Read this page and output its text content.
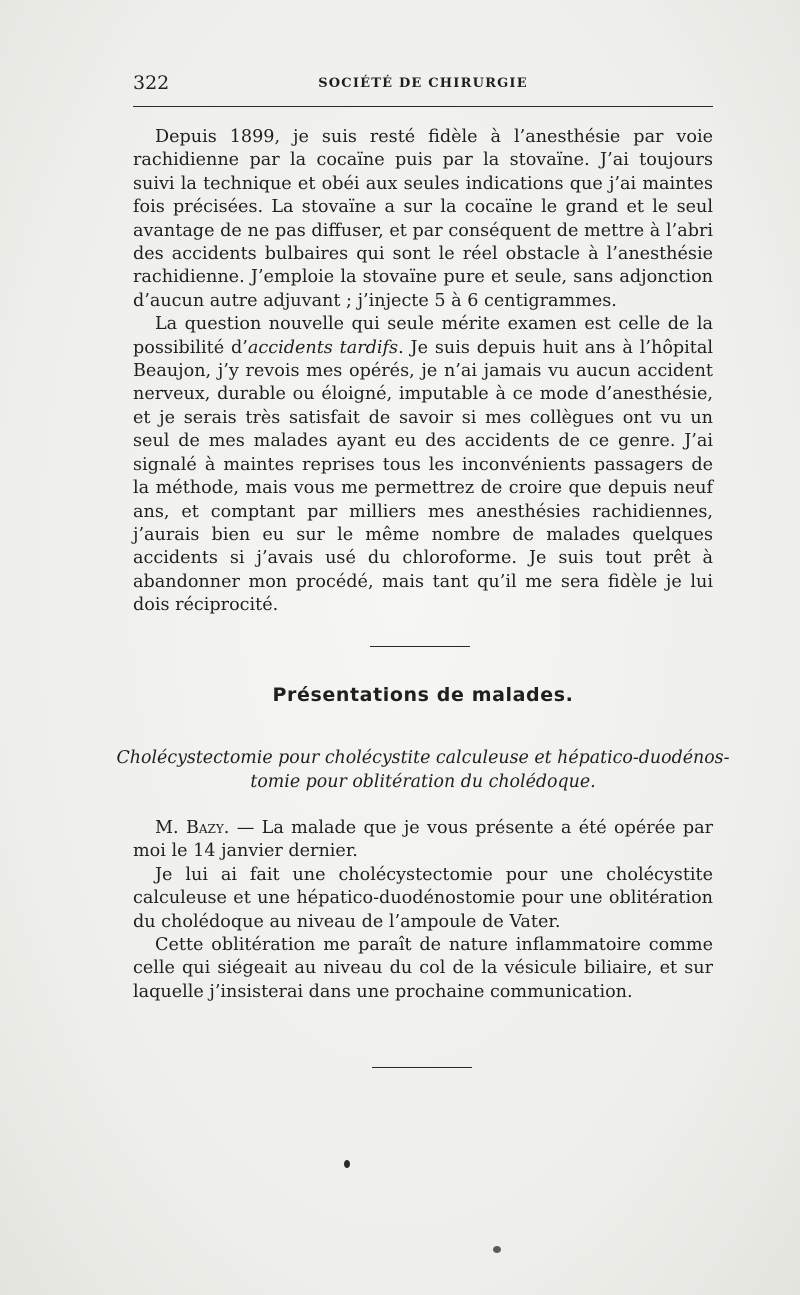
322	SOCIÉTÉ DE CHIRURGIE

Depuis 1899, je suis resté fidèle à l’anesthésie par voie rachidienne par la cocaïne puis par la stovaïne. J’ai toujours suivi la technique et obéi aux seules indications que j’ai maintes fois précisées. La stovaïne a sur la cocaïne le grand et le seul avantage de ne pas diffuser, et par conséquent de mettre à l’abri des accidents bulbaires qui sont le réel obstacle à l’anesthésie rachidienne. J’emploie la stovaïne pure et seule, sans adjonction d’aucun autre adjuvant ; j’injecte 5 à 6 centigrammes.

La question nouvelle qui seule mérite examen est celle de la possibilité d’accidents tardifs. Je suis depuis huit ans à l’hôpital Beaujon, j’y revois mes opérés, je n’ai jamais vu aucun accident nerveux, durable ou éloigné, imputable à ce mode d’anesthésie, et je serais très satisfait de savoir si mes collègues ont vu un seul de mes malades ayant eu des accidents de ce genre. J’ai signalé à maintes reprises tous les inconvénients passagers de la méthode, mais vous me permettrez de croire que depuis neuf ans, et comptant par milliers mes anesthésies rachidiennes, j’aurais bien eu sur le même nombre de malades quelques accidents si j’avais usé du chloroforme. Je suis tout prêt à abandonner mon procédé, mais tant qu’il me sera fidèle je lui dois réciprocité.

Présentations de malades.
Cholécystectomie pour cholécystite calculeuse et hépatico-duodénos-
tomie pour oblitération du cholédoque.

M. Bazy. — La malade que je vous présente a été opérée par moi le 14 janvier dernier.

Je lui ai fait une cholécystectomie pour une cholécystite calculeuse et une hépatico-duodénostomie pour une oblitération du cholédoque au niveau de l’ampoule de Vater.

Cette oblitération me paraît de nature inflammatoire comme celle qui siégeait au niveau du col de la vésicule biliaire, et sur laquelle j’insisterai dans une prochaine communication.
